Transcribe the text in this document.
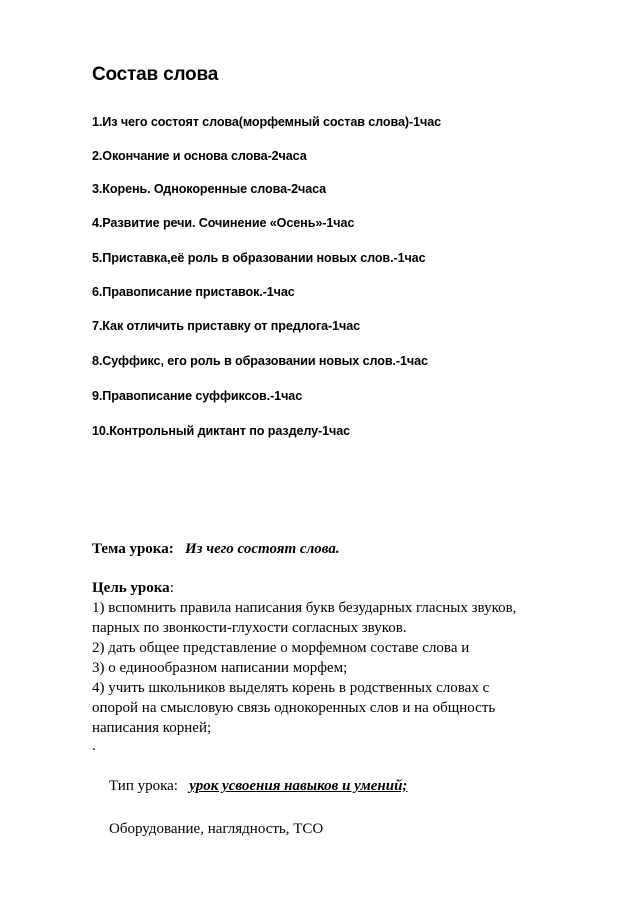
Состав слова
1.Из чего состоят слова(морфемный состав слова)-1час
2.Окончание и основа слова-2часа
3.Корень. Однокоренные слова-2часа
4.Развитие речи. Сочинение «Осень»-1час
5.Приставка,её роль в образовании новых слов.-1час
6.Правописание приставок.-1час
7.Как отличить приставку от предлога-1час
8.Суффикс, его роль в образовании новых слов.-1час
9.Правописание суффиксов.-1час
10.Контрольный диктант по разделу-1час
Тема урока: Из чего состоят слова.
Цель урока:
1) вспомнить правила написания букв безударных гласных звуков,
парных по звонкости-глухости согласных звуков.
2) дать общее представление о морфемном составе слова и
3) о единообразном написании морфем;
4) учить школьников выделять корень в родственных словах с
опорой на смысловую связь однокоренных слов и на общность
написания корней;
.
Тип урока: урок усвоения навыков и умений;
Оборудование, наглядность, ТСО
